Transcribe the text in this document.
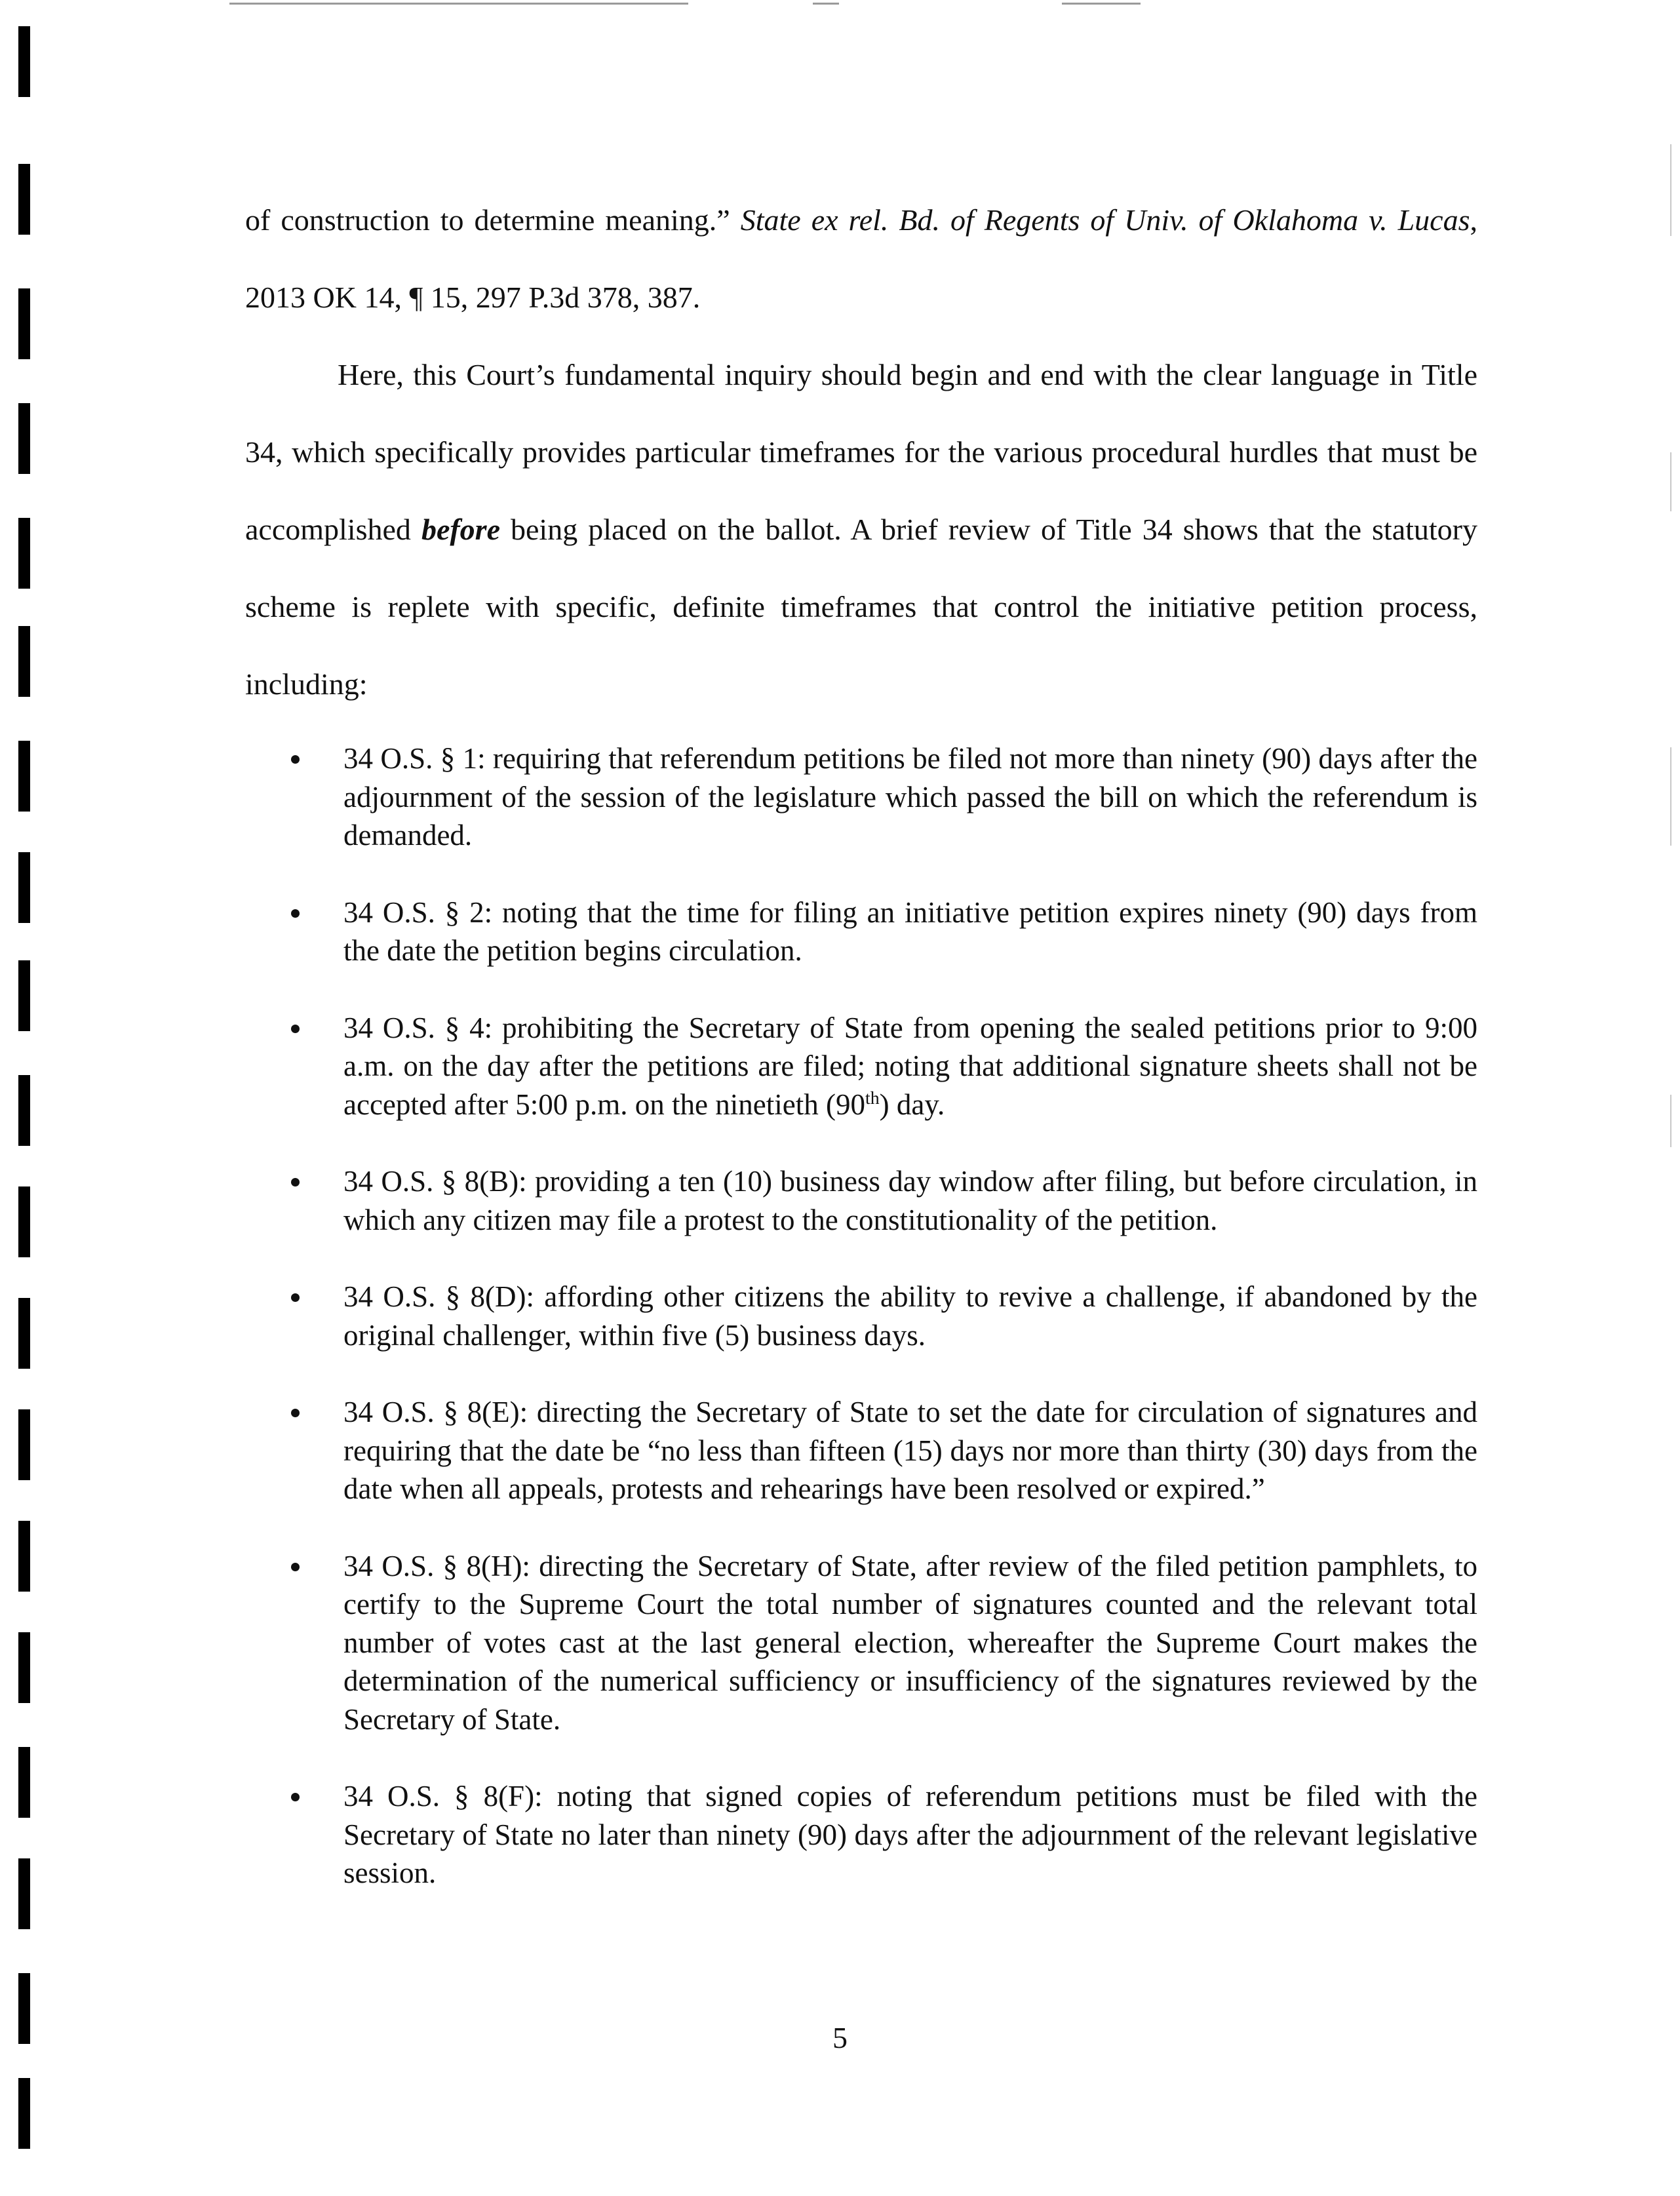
of construction to determine meaning.” State ex rel. Bd. of Regents of Univ. of Oklahoma v. Lucas, 2013 OK 14, ¶ 15, 297 P.3d 378, 387.

Here, this Court’s fundamental inquiry should begin and end with the clear language in Title 34, which specifically provides particular timeframes for the various procedural hurdles that must be accomplished before being placed on the ballot. A brief review of Title 34 shows that the statutory scheme is replete with specific, definite timeframes that control the initiative petition process, including:

34 O.S. § 1: requiring that referendum petitions be filed not more than ninety (90) days after the adjournment of the session of the legislature which passed the bill on which the referendum is demanded.
34 O.S. § 2: noting that the time for filing an initiative petition expires ninety (90) days from the date the petition begins circulation.
34 O.S. § 4: prohibiting the Secretary of State from opening the sealed petitions prior to 9:00 a.m. on the day after the petitions are filed; noting that additional signature sheets shall not be accepted after 5:00 p.m. on the ninetieth (90th) day.
34 O.S. § 8(B): providing a ten (10) business day window after filing, but before circulation, in which any citizen may file a protest to the constitutionality of the petition.
34 O.S. § 8(D): affording other citizens the ability to revive a challenge, if abandoned by the original challenger, within five (5) business days.
34 O.S. § 8(E): directing the Secretary of State to set the date for circulation of signatures and requiring that the date be “no less than fifteen (15) days nor more than thirty (30) days from the date when all appeals, protests and rehearings have been resolved or expired.”
34 O.S. § 8(H): directing the Secretary of State, after review of the filed petition pamphlets, to certify to the Supreme Court the total number of signatures counted and the relevant total number of votes cast at the last general election, whereafter the Supreme Court makes the determination of the numerical sufficiency or insufficiency of the signatures reviewed by the Secretary of State.
34 O.S. § 8(F): noting that signed copies of referendum petitions must be filed with the Secretary of State no later than ninety (90) days after the adjournment of the relevant legislative session.
5
